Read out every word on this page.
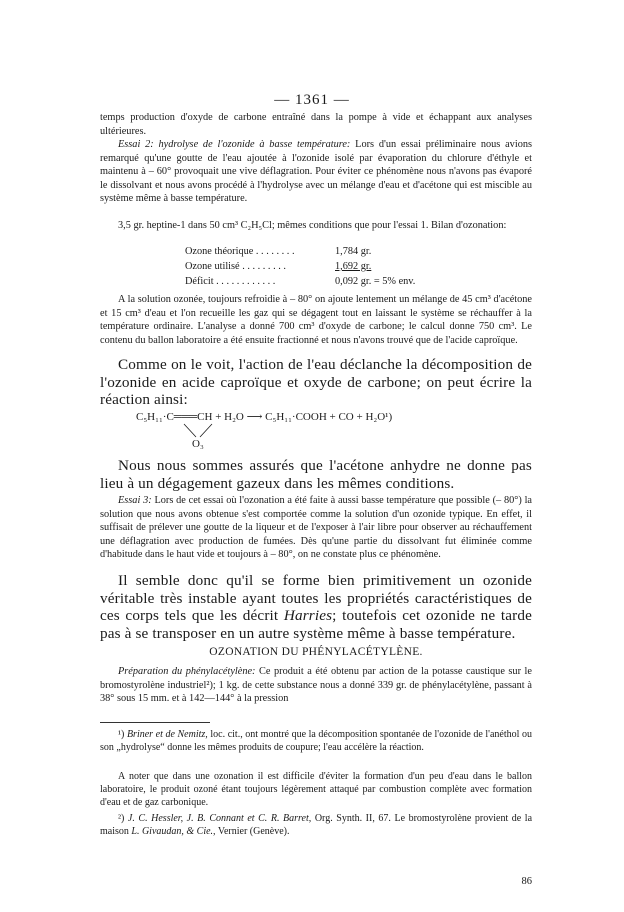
— 1361 —

temps production d'oxyde de carbone entraîné dans la pompe à vide et échappant aux analyses ultérieures.

Essai 2: hydrolyse de l'ozonide à basse température: Lors d'un essai préliminaire nous avions remarqué qu'une goutte de l'eau ajoutée à l'ozonide isolé par évaporation du chlorure d'éthyle et maintenu à – 60° provoquait une vive déflagration. Pour éviter ce phénomène nous n'avons pas évaporé le dissolvant et nous avons procédé à l'hydrolyse avec un mélange d'eau et d'acétone qui est miscible au système même à basse température.

3,5 gr. heptine-1 dans 50 cm³ C₂H₅Cl; mêmes conditions que pour l'essai 1. Bilan d'ozonation:

Ozone théorique . . . . . . . .	1,784 gr.
Ozone utilisé . . . . . . . . .	1,692 gr.
Déficit . . . . . . . . . . . .	0,092 gr. = 5% env.

A la solution ozonée, toujours refroidie à – 80° on ajoute lentement un mélange de 45 cm³ d'acétone et 15 cm³ d'eau et l'on recueille les gaz qui se dégagent tout en laissant le système se réchauffer à la température ordinaire. L'analyse a donné 700 cm³ d'oxyde de carbone; le calcul donne 750 cm³. Le contenu du ballon laboratoire a été ensuite fractionné et nous n'avons trouvé que de l'acide caproïque.

Comme on le voit, l'action de l'eau déclanche la décomposition de l'ozonide en acide caproïque et oxyde de carbone; on peut écrire la réaction ainsi:

C₅H₁₁·C═══CH + H₂O ⟶ C₅H₁₁·COOH + CO + H₂O¹)
O₃

Nous nous sommes assurés que l'acétone anhydre ne donne pas lieu à un dégagement gazeux dans les mêmes conditions.

Essai 3: Lors de cet essai où l'ozonation a été faite à aussi basse température que possible (– 80°) la solution que nous avons obtenue s'est comportée comme la solution d'un ozonide typique. En effet, il suffisait de prélever une goutte de la liqueur et de l'exposer à l'air libre pour observer au réchauffement une déflagration avec production de fumées. Dès qu'une partie du dissolvant fut éliminée comme d'habitude dans le haut vide et toujours à – 80°, on ne constate plus ce phénomène.

Il semble donc qu'il se forme bien primitivement un ozonide véritable très instable ayant toutes les propriétés caractéristiques de ces corps tels que les décrit Harries; toutefois cet ozonide ne tarde pas à se transposer en un autre système même à basse température.

OZONATION DU PHÉNYLACÉTYLÈNE.

Préparation du phénylacétylène: Ce produit a été obtenu par action de la potasse caustique sur le bromostyrolène industriel²); 1 kg. de cette substance nous a donné 339 gr. de phénylacétylène, passant à 38° sous 15 mm. et à 142—144° à la pression

¹) Briner et de Nemitz, loc. cit., ont montré que la décomposition spontanée de l'ozonide de l'anéthol ou son „hydrolyse“ donne les mêmes produits de coupure; l'eau accélère la réaction.

A noter que dans une ozonation il est difficile d'éviter la formation d'un peu d'eau dans le ballon laboratoire, le produit ozoné étant toujours légèrement attaqué par combustion complète avec formation d'eau et de gaz carbonique.

²) J. C. Hessler, J. B. Connant et C. R. Barret, Org. Synth. II, 67. Le bromostyrolène provient de la maison L. Givaudan, & Cie., Vernier (Genève).

86
